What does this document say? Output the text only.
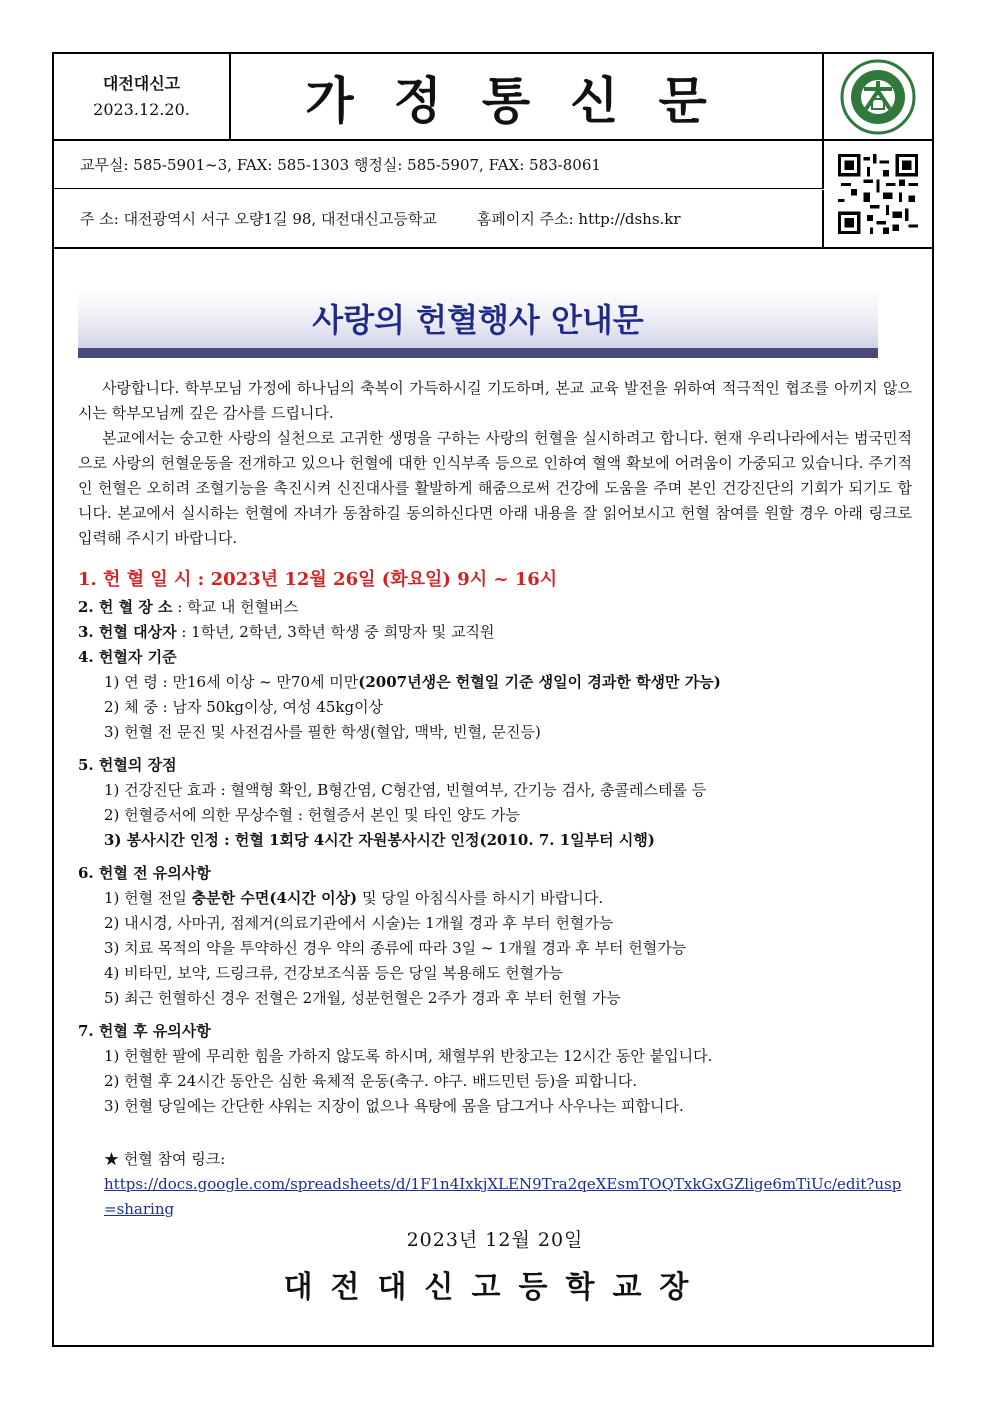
대전대신고
2023.12.20.	가정통신문
교무실: 585-5901~3, FAX: 585-1303 행정실: 585-5907, FAX: 583-8061
주 소: 대전광역시 서구 오량1길 98, 대전대신고등학교	홈페이지 주소: http://dshs.kr
사랑의 헌혈행사 안내문

사랑합니다. 학부모님 가정에 하나님의 축복이 가득하시길 기도하며, 본교 교육 발전을 위하여 적극적인 협조를 아끼지 않으시는 학부모님께 깊은 감사를 드립니다.

본교에서는 숭고한 사랑의 실천으로 고귀한 생명을 구하는 사랑의 헌혈을 실시하려고 합니다. 현재 우리나라에서는 범국민적으로 사랑의 헌혈운동을 전개하고 있으나 헌혈에 대한 인식부족 등으로 인하여 혈액 확보에 어려움이 가중되고 있습니다. 주기적인 헌혈은 오히려 조혈기능을 촉진시켜 신진대사를 활발하게 해줌으로써 건강에 도움을 주며 본인 건강진단의 기회가 되기도 합니다. 본교에서 실시하는 헌혈에 자녀가 동참하길 동의하신다면 아래 내용을 잘 읽어보시고 헌혈 참여를 원할 경우 아래 링크로 입력해 주시기 바랍니다.

1. 헌 혈 일 시 : 2023년 12월 26일 (화요일) 9시 ~ 16시
2. 헌 혈 장 소 : 학교 내 헌혈버스
3. 헌혈 대상자 : 1학년, 2학년, 3학년 학생 중 희망자 및 교직원
4. 헌혈자 기준
1) 연 령 : 만16세 이상 ~ 만70세 미만(2007년생은 헌혈일 기준 생일이 경과한 학생만 가능)
2) 체 중 : 남자 50kg이상, 여성 45kg이상
3) 헌혈 전 문진 및 사전검사를 필한 학생(혈압, 맥박, 빈혈, 문진등)
5. 헌혈의 장점
1) 건강진단 효과 : 혈액형 확인, B형간염, C형간염, 빈혈여부, 간기능 검사, 총콜레스테롤 등
2) 헌혈증서에 의한 무상수혈 : 헌혈증서 본인 및 타인 양도 가능
3) 봉사시간 인정 : 헌혈 1회당 4시간 자원봉사시간 인정(2010. 7. 1일부터 시행)
6. 헌혈 전 유의사항
1) 헌혈 전일 충분한 수면(4시간 이상) 및 당일 아침식사를 하시기 바랍니다.
2) 내시경, 사마귀, 점제거(의료기관에서 시술)는 1개월 경과 후 부터 헌혈가능
3) 치료 목적의 약을 투약하신 경우 약의 종류에 따라 3일 ~ 1개월 경과 후 부터 헌혈가능
4) 비타민, 보약, 드링크류, 건강보조식품 등은 당일 복용해도 헌혈가능
5) 최근 헌혈하신 경우 전혈은 2개월, 성분헌혈은 2주가 경과 후 부터 헌혈 가능
7. 헌혈 후 유의사항
1) 헌혈한 팔에 무리한 힘을 가하지 않도록 하시며, 채혈부위 반창고는 12시간 동안 붙입니다.
2) 헌혈 후 24시간 동안은 심한 육체적 운동(축구. 야구. 배드민턴 등)을 피합니다.
3) 헌혈 당일에는 간단한 샤워는 지장이 없으나 욕탕에 몸을 담그거나 사우나는 피합니다.
★ 헌혈 참여 링크:
https://docs.google.com/spreadsheets/d/1F1n4IxkjXLEN9Tra2qeXEsmTOQTxkGxGZlige6mTiUc/edit?usp=sharing
2023년 12월 20일
대전대신고등학교장
